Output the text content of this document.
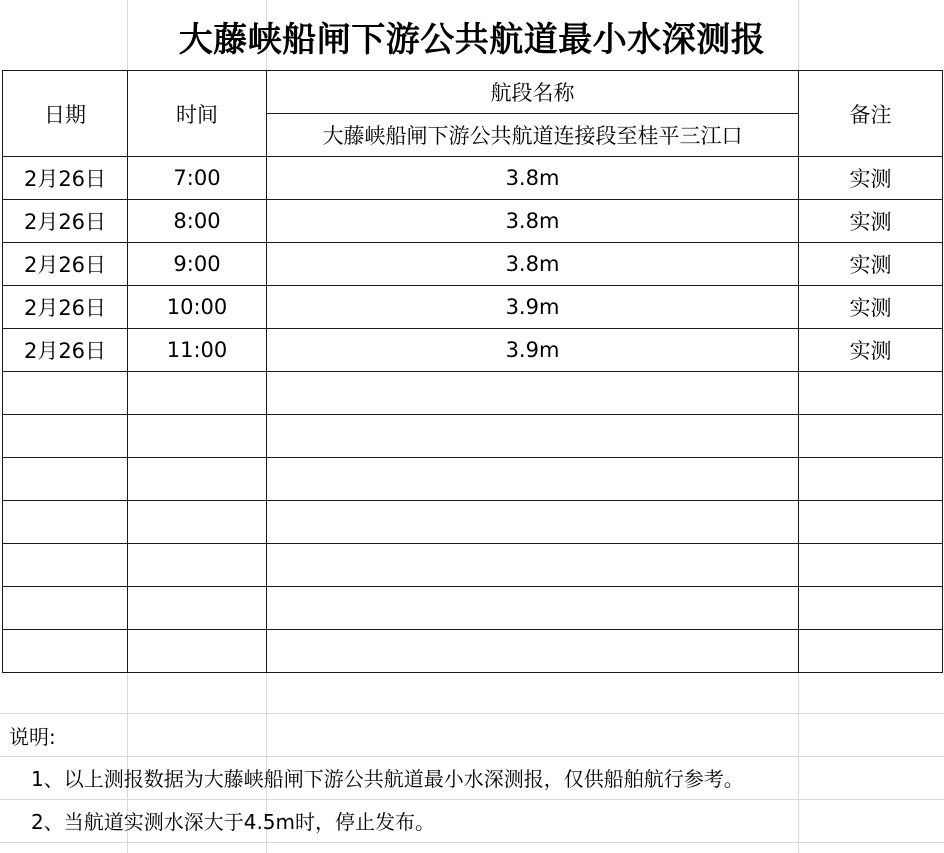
大藤峡船闸下游公共航道最小水深测报
日期	时间	航段名称	备注
		大藤峡船闸下游公共航道连接段至桂平三江口	
2月26日	7:00	3.8m	实测
2月26日	8:00	3.8m	实测
2月26日	9:00	3.8m	实测
2月26日	10:00	3.9m	实测
2月26日	11:00	3.9m	实测

说明:
1、以上测报数据为大藤峡船闸下游公共航道最小水深测报，仅供船舶航行参考。
2、当航道实测水深大于4.5m时，停止发布。
